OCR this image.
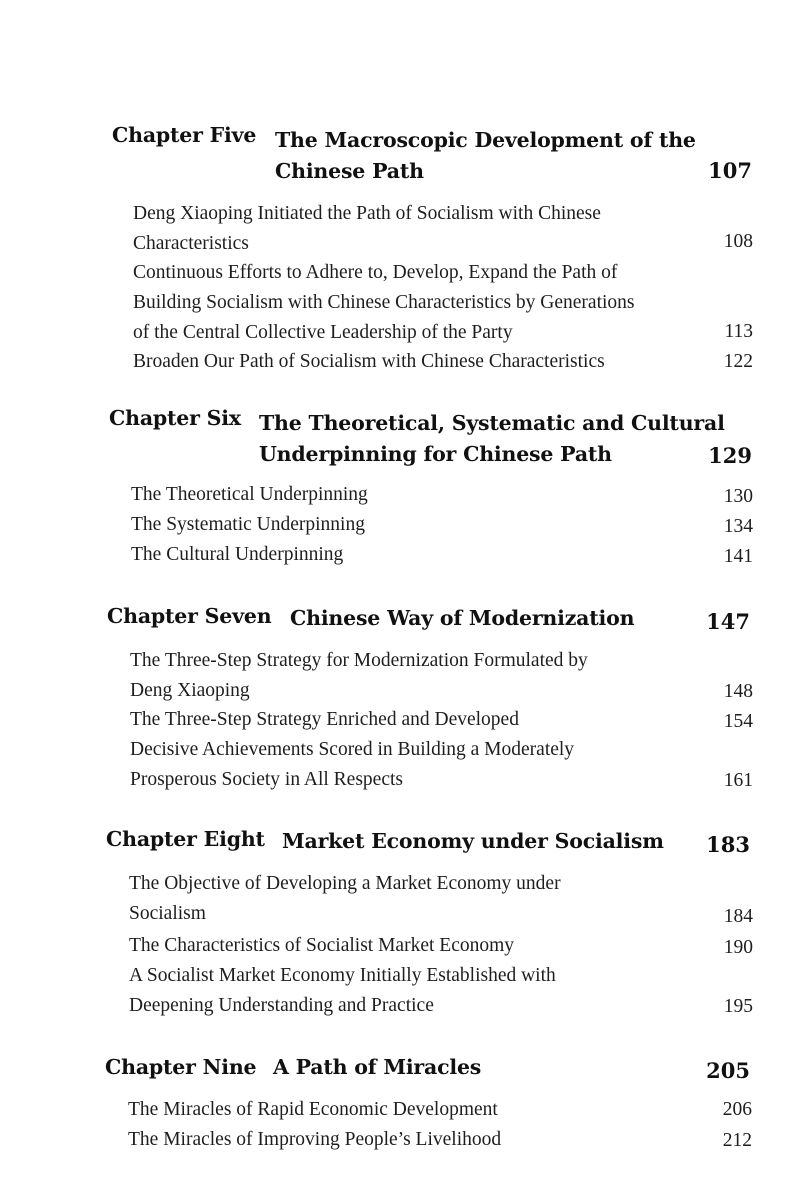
Chapter Five The Macroscopic Development of the
Chinese Path	107
Deng Xiaoping Initiated the Path of Socialism with Chinese
Characteristics	108
Continuous Efforts to Adhere to, Develop, Expand the Path of
Building Socialism with Chinese Characteristics by Generations
of the Central Collective Leadership of the Party	113
Broaden Our Path of Socialism with Chinese Characteristics	122
Chapter Six The Theoretical, Systematic and Cultural
Underpinning for Chinese Path	129
The Theoretical Underpinning	130
The Systematic Underpinning	134
The Cultural Underpinning	141
Chapter Seven Chinese Way of Modernization	147
The Three-Step Strategy for Modernization Formulated by
Deng Xiaoping	148
The Three-Step Strategy Enriched and Developed	154
Decisive Achievements Scored in Building a Moderately
Prosperous Society in All Respects	161
Chapter Eight Market Economy under Socialism	183
The Objective of Developing a Market Economy under
Socialism	184
The Characteristics of Socialist Market Economy	190
A Socialist Market Economy Initially Established with
Deepening Understanding and Practice	195
Chapter Nine A Path of Miracles	205
The Miracles of Rapid Economic Development	206
The Miracles of Improving People’s Livelihood	212
